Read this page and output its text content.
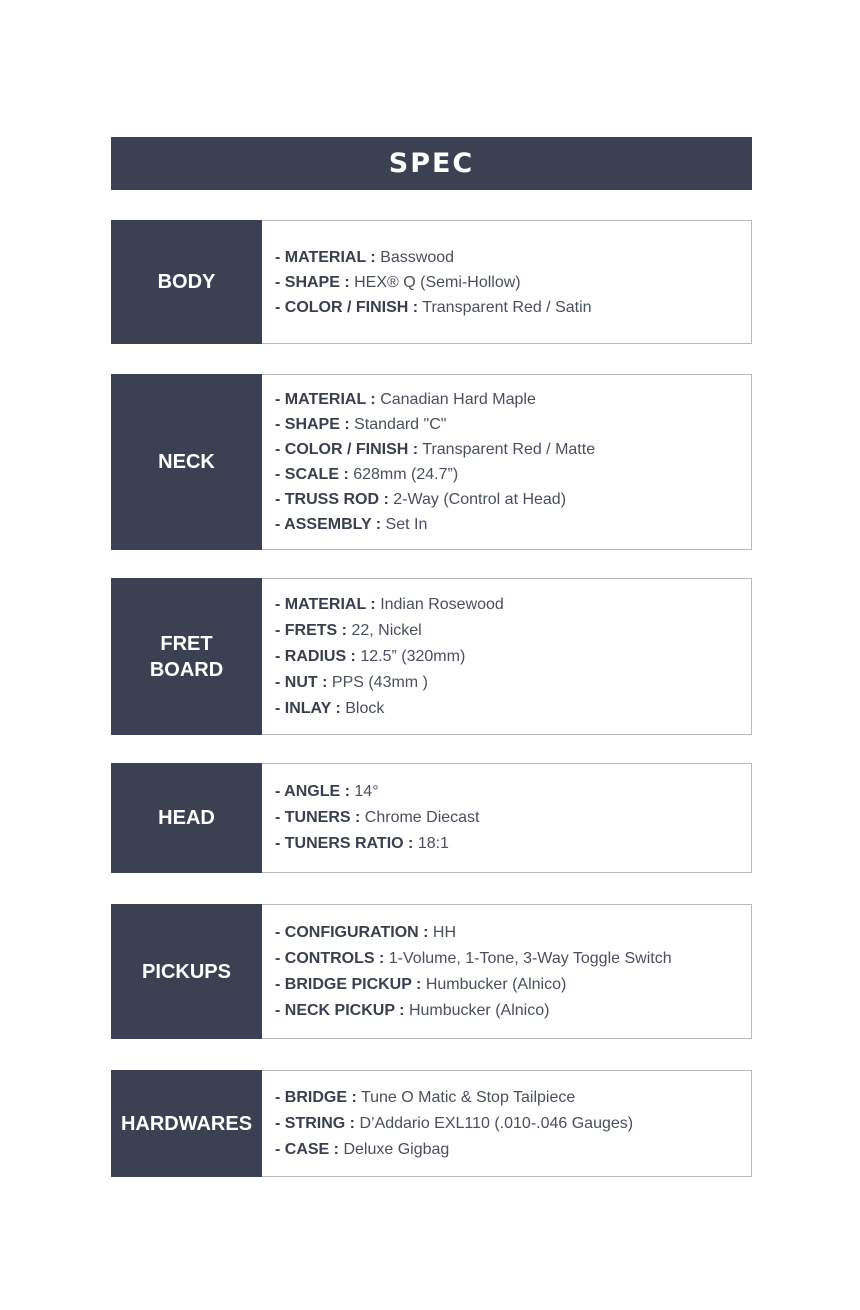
SPEC
BODY
- MATERIAL : Basswood
- SHAPE : HEX® Q (Semi-Hollow)
- COLOR / FINISH : Transparent Red / Satin
NECK
- MATERIAL : Canadian Hard Maple
- SHAPE : Standard "C"
- COLOR / FINISH : Transparent Red / Matte
- SCALE : 628mm (24.7”)
- TRUSS ROD : 2-Way (Control at Head)
- ASSEMBLY : Set In
FRET
BOARD
- MATERIAL : Indian Rosewood
- FRETS : 22, Nickel
- RADIUS : 12.5” (320mm)
- NUT : PPS (43mm )
- INLAY : Block
HEAD
- ANGLE : 14°
- TUNERS : Chrome Diecast
- TUNERS RATIO : 18:1
PICKUPS
- CONFIGURATION : HH
- CONTROLS : 1-Volume, 1-Tone, 3-Way Toggle Switch
- BRIDGE PICKUP : Humbucker (Alnico)
- NECK PICKUP : Humbucker (Alnico)
HARDWARES
- BRIDGE : Tune O Matic & Stop Tailpiece
- STRING : D’Addario EXL110 (.010-.046 Gauges)
- CASE : Deluxe Gigbag
